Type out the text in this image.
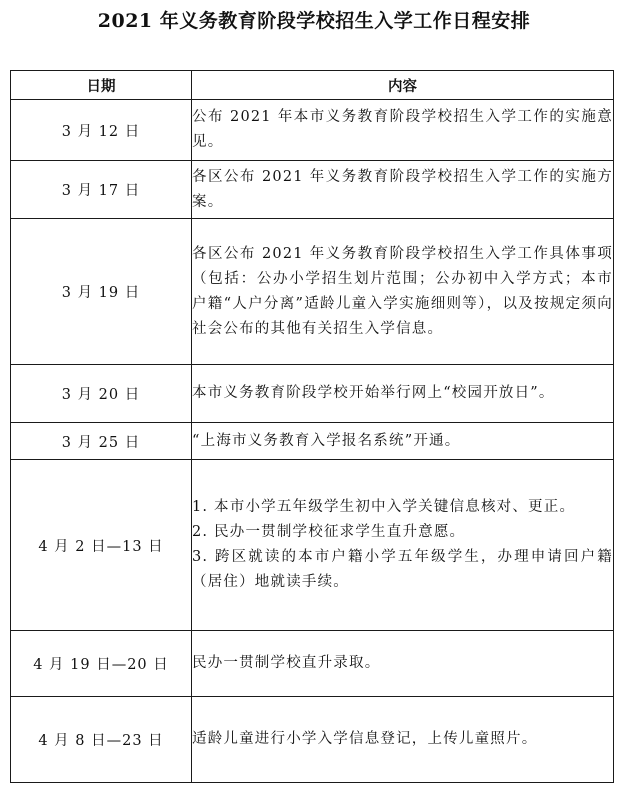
2021 年义务教育阶段学校招生入学工作日程安排
日期	内容
3 月 12 日	公布 2021 年本市义务教育阶段学校招生入学工作的实施意见。

3 月 17 日	各区公布 2021 年义务教育阶段学校招生入学工作的实施方案。

3 月 19 日	各区公布 2021 年义务教育阶段学校招生入学工作具体事项（包括：公办小学招生划片范围；公办初中入学方式；本市户籍“人户分离”适龄儿童入学实施细则等），以及按规定须向社会公布的其他有关招生入学信息。

3 月 20 日	本市义务教育阶段学校开始举行网上“校园开放日”。

3 月 25 日	“上海市义务教育入学报名系统”开通。

4 月 2 日—13 日	1. 本市小学五年级学生初中入学关键信息核对、更正。

2. 民办一贯制学校征求学生直升意愿。

3. 跨区就读的本市户籍小学五年级学生，办理申请回户籍（居住）地就读手续。

4 月 19 日—20 日	民办一贯制学校直升录取。

4 月 8 日—23 日	适龄儿童进行小学入学信息登记，上传儿童照片。
